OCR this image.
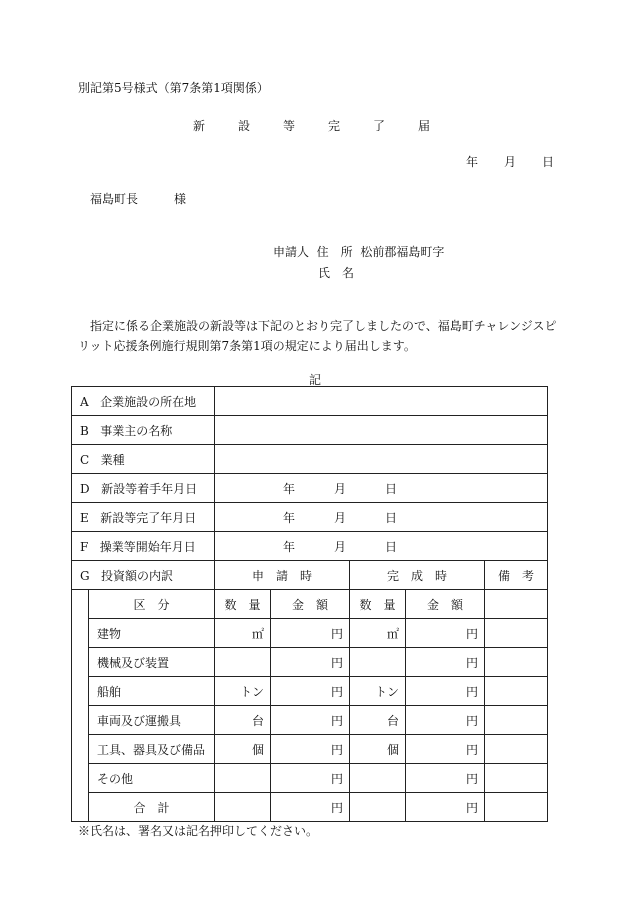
別記第5号様式（第7条第1項関係）
新	設	等	完	了	届
年 月 日
福島町長　　　様
申請人 住　所 松前郡福島町字
氏　名
指定に係る企業施設の新設等は下記のとおり完了しましたので、福島町チャレンジスピリット応援条例施行規則第7条第1項の規定により届出します。
記
A 企業施設の所在地						
B 事業主の名称						
C 業種						
D 新設等着手年月日		年 月 日				
E 新設等完了年月日		年 月 日				
F 操業等開始年月日		年 月 日				
G 投資額の内訳		申　請　時		完　成　時		備　考
	区　分	数　量	金　額	数　量	金　額	
	建物	㎡	円	㎡	円	
	機械及び装置		円		円	
	船舶	トン	円	トン	円	
	車両及び運搬具	台	円	台	円	
	工具、器具及び備品	個	円	個	円	
	その他		円		円	
	合　計		円		円	
※氏名は、署名又は記名押印してください。
